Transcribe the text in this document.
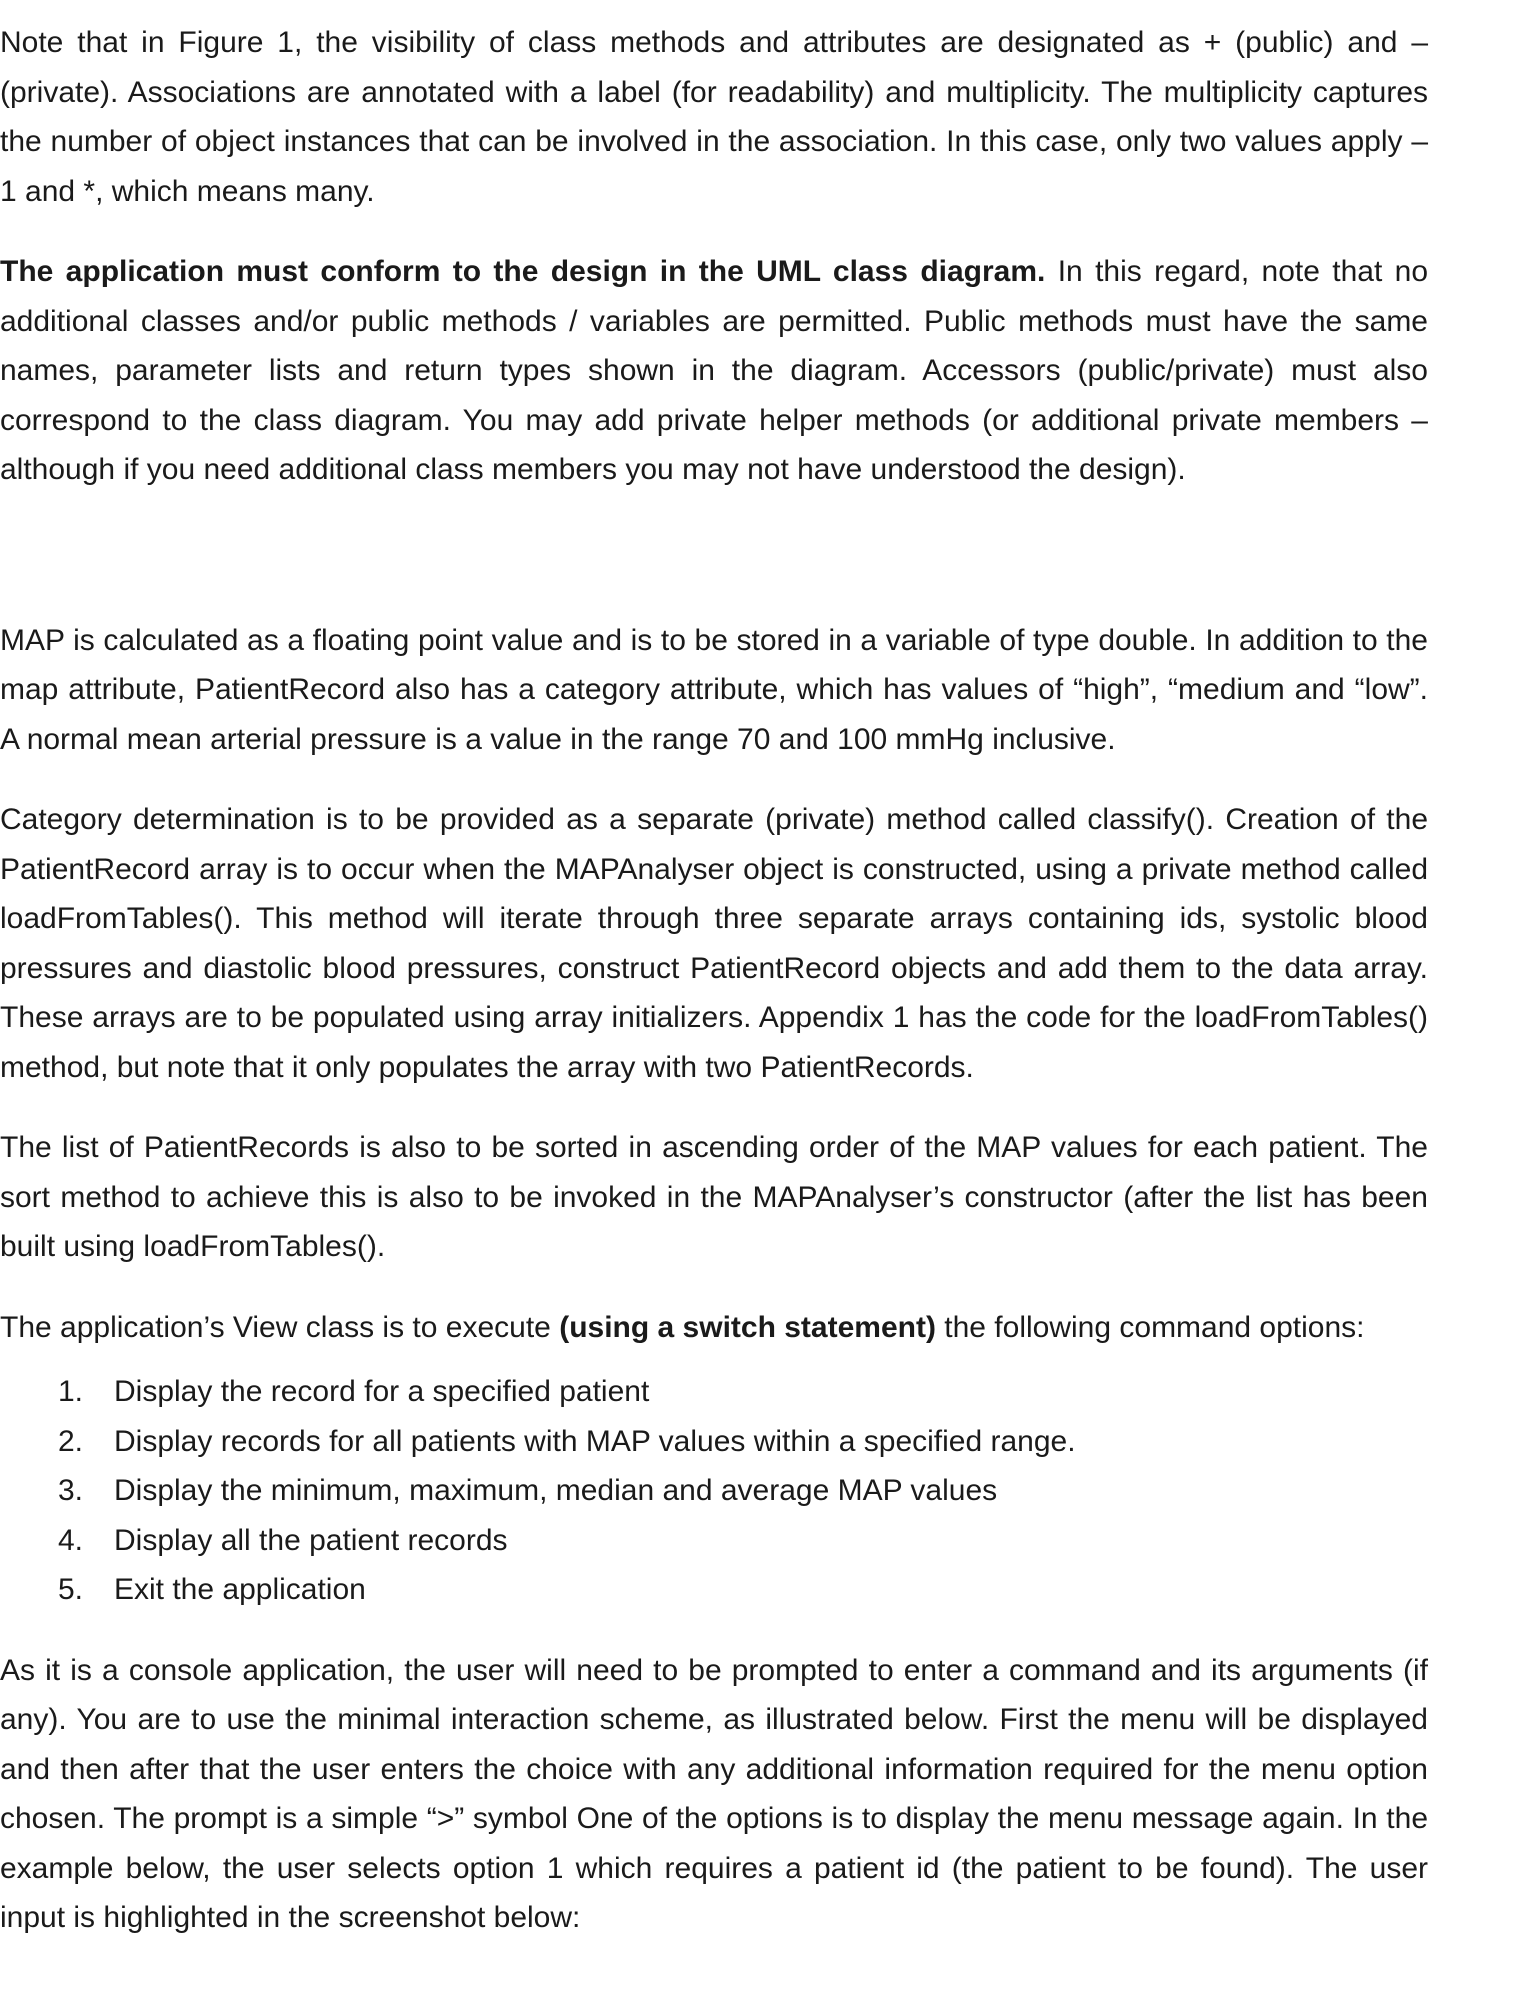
Note that in Figure 1, the visibility of class methods and attributes are designated as + (public) and – (private). Associations are annotated with a label (for readability) and multiplicity. The multiplicity captures the number of object instances that can be involved in the association. In this case, only two values apply – 1 and *, which means many.

The application must conform to the design in the UML class diagram. In this regard, note that no additional classes and/or public methods / variables are permitted. Public methods must have the same names, parameter lists and return types shown in the diagram. Accessors (public/private) must also correspond to the class diagram. You may add private helper methods (or additional private members – although if you need additional class members you may not have understood the design).

MAP is calculated as a floating point value and is to be stored in a variable of type double. In addition to the map attribute, PatientRecord also has a category attribute, which has values of “high”, “medium and “low”. A normal mean arterial pressure is a value in the range 70 and 100 mmHg inclusive.

Category determination is to be provided as a separate (private) method called classify(). Creation of the PatientRecord array is to occur when the MAPAnalyser object is constructed, using a private method called loadFromTables(). This method will iterate through three separate arrays containing ids, systolic blood pressures and diastolic blood pressures, construct PatientRecord objects and add them to the data array. These arrays are to be populated using array initializers. Appendix 1 has the code for the loadFromTables() method, but note that it only populates the array with two PatientRecords.

The list of PatientRecords is also to be sorted in ascending order of the MAP values for each patient. The sort method to achieve this is also to be invoked in the MAPAnalyser’s constructor (after the list has been built using loadFromTables().

The application’s View class is to execute (using a switch statement) the following command options:

1.	Display the record for a specified patient
2.	Display records for all patients with MAP values within a specified range.
3.	Display the minimum, maximum, median and average MAP values
4.	Display all the patient records
5.	Exit the application

As it is a console application, the user will need to be prompted to enter a command and its arguments (if any). You are to use the minimal interaction scheme, as illustrated below. First the menu will be displayed and then after that the user enters the choice with any additional information required for the menu option chosen. The prompt is a simple “>” symbol One of the options is to display the menu message again. In the example below, the user selects option 1 which requires a patient id (the patient to be found). The user input is highlighted in the screenshot below:
